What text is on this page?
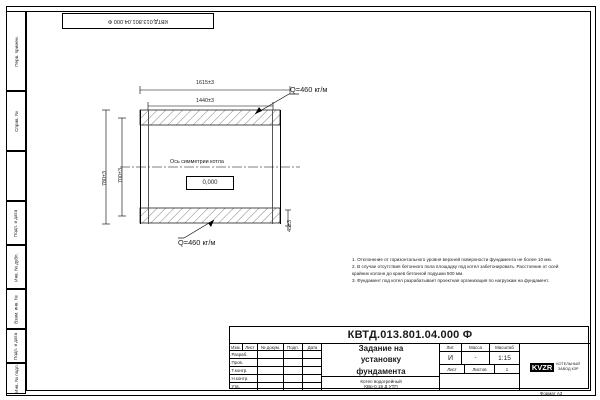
Перв. примен.
Справ. №
Подп. и дата
Инв. № дубл.
Взам. инв. №
Подп. и дата
Инв. № подл.
КВТД.013.801.04.000 Ф
0,000
Ось симметрии котла
1615±3
1440±3
780±3 700±3
45±3
Q=460 кг/м
Q=460 кг/м
1. Отклонение от горизонтального уровня верхней поверхности фундамента не более 10 мм.
2. В случае отсутствия бетонного пола площадку под котел забетонировать. Расстояние от осей крайних колонн до краев бетонной подушки 500 мм.
3. Фундамент под котел разрабатывает проектная организация по нагрузкам на фундамент.
КВТД.013.801.04.000 Ф
Изм.	Лист	№ докум.	Подп.	Дата
Разраб.
Пров.
Т.контр.
Н.контр.
Утв.
Задание на
установку
фундамента
Котел водогрейный
КВр-0,15 Д УТП
Лит.	Масса	Масштаб
И	-	1:15
Лист	Листов	1	KVZR	КОТЕЛЬНЫЙ
ЗАВОД КЗР
Формат А3
